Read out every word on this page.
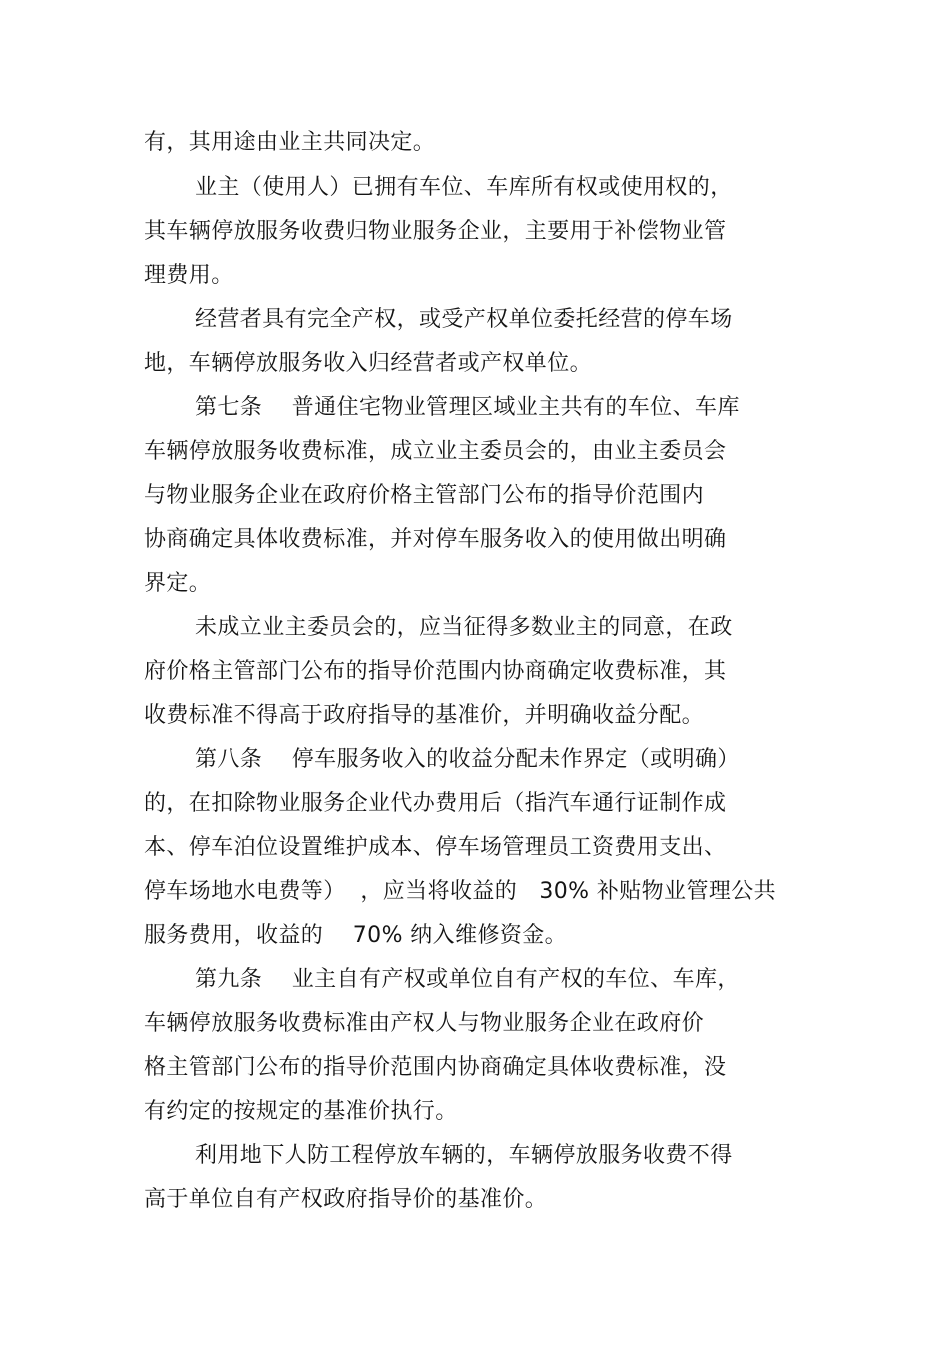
有，其用途由业主共同决定。
业主（使用人）已拥有车位、车库所有权或使用权的，
其车辆停放服务收费归物业服务企业，主要用于补偿物业管
理费用。
经营者具有完全产权，或受产权单位委托经营的停车场
地，车辆停放服务收入归经营者或产权单位。
第七条    普通住宅物业管理区域业主共有的车位、车库
车辆停放服务收费标准，成立业主委员会的，由业主委员会
与物业服务企业在政府价格主管部门公布的指导价范围内
协商确定具体收费标准，并对停车服务收入的使用做出明确
界定。
未成立业主委员会的，应当征得多数业主的同意，在政
府价格主管部门公布的指导价范围内协商确定收费标准，其
收费标准不得高于政府指导的基准价，并明确收益分配。
第八条    停车服务收入的收益分配未作界定（或明确）
的，在扣除物业服务企业代办费用后（指汽车通行证制作成
本、停车泊位设置维护成本、停车场管理员工资费用支出、
停车场地水电费等）  ，应当将收益的   30% 补贴物业管理公共
服务费用，收益的    70% 纳入维修资金。
第九条    业主自有产权或单位自有产权的车位、车库，
车辆停放服务收费标准由产权人与物业服务企业在政府价
格主管部门公布的指导价范围内协商确定具体收费标准，没
有约定的按规定的基准价执行。
利用地下人防工程停放车辆的，车辆停放服务收费不得
高于单位自有产权政府指导价的基准价。
